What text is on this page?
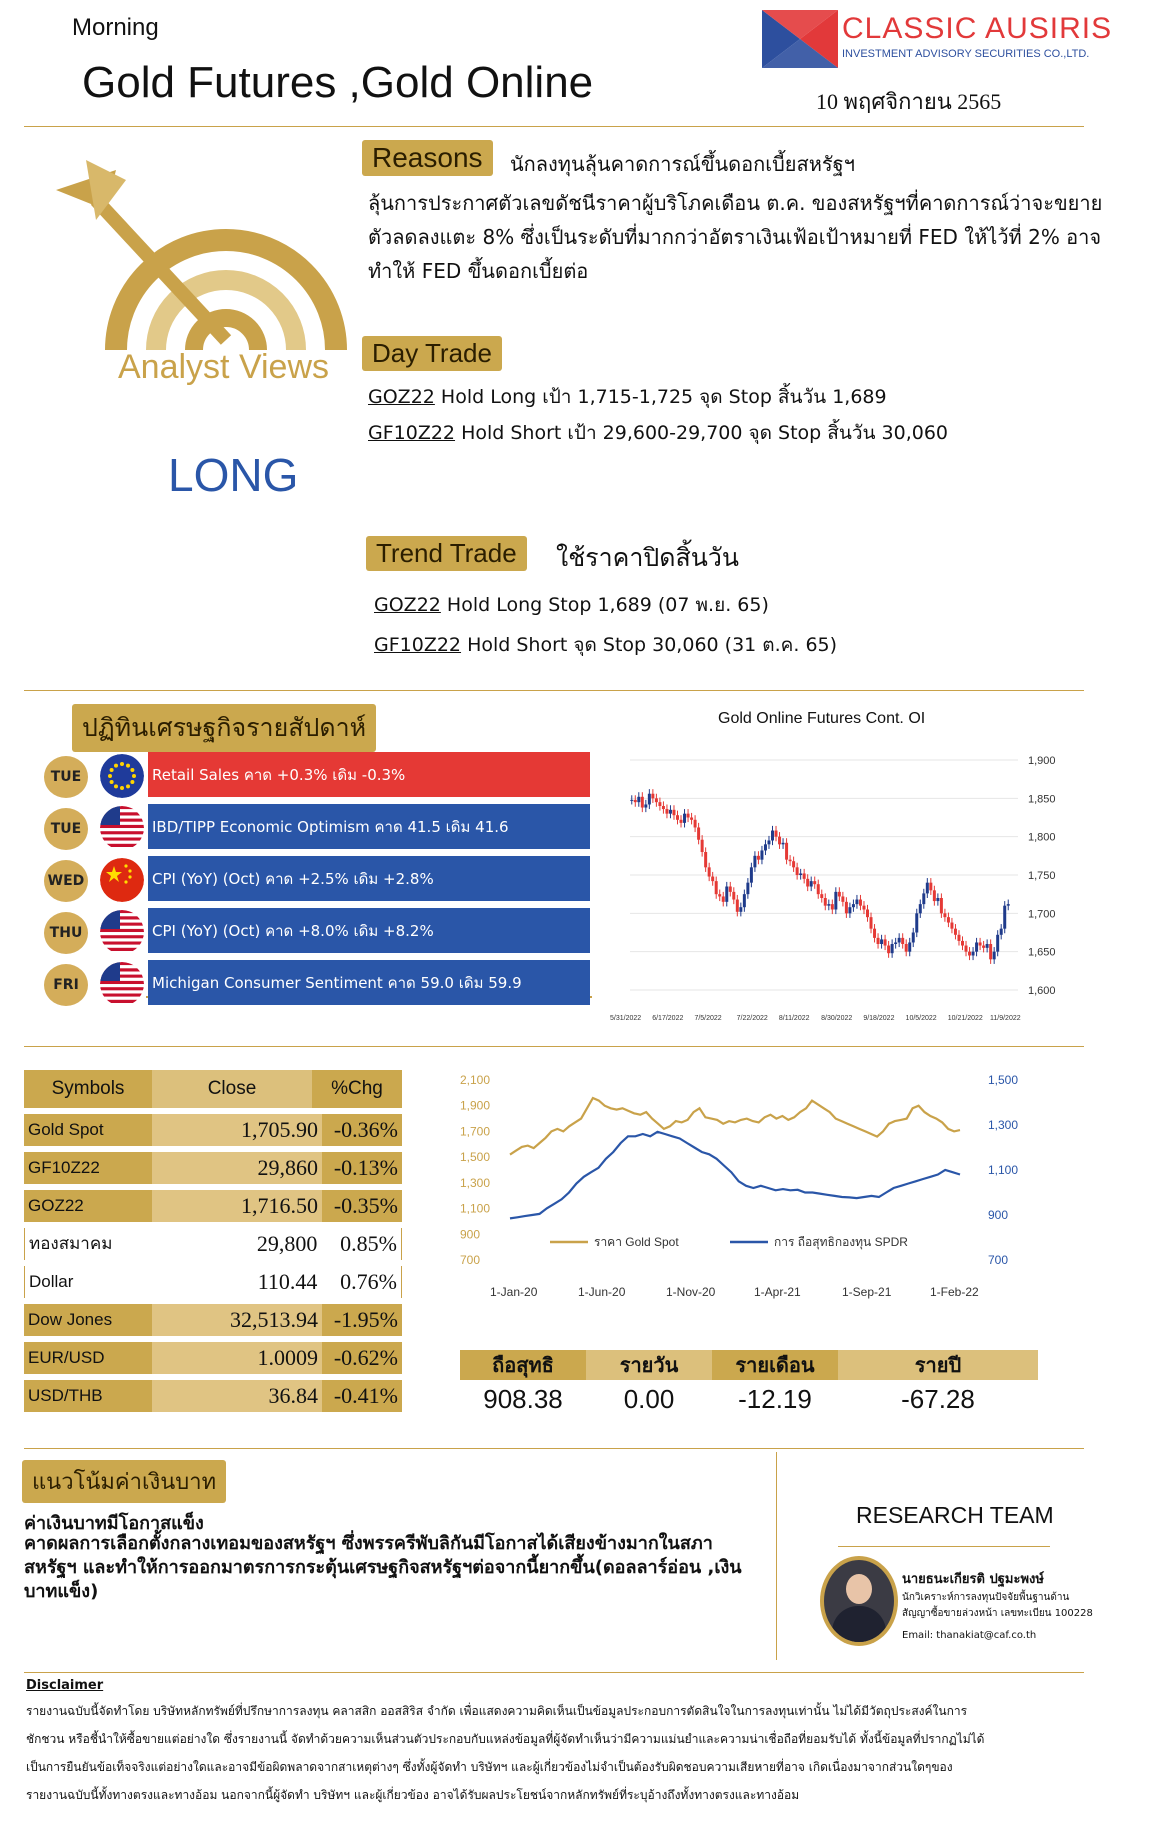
Morning
Gold Futures ,Gold Online	10 พฤศจิกายน 2565
CLASSIC AUSIRIS
INVESTMENT ADVISORY SECURITIES CO.,LTD.
Analyst Views
LONG
Reasons	นักลงทุนลุ้นคาดการณ์ขึ้นดอกเบี้ยสหรัฐฯ
ลุ้นการประกาศตัวเลขดัชนีราคาผู้บริโภคเดือน ต.ค. ของสหรัฐฯที่คาดการณ์ว่าจะขยายตัวลดลงแตะ 8% ซึ่งเป็นระดับที่มากกว่าอัตราเงินเฟ้อเป้าหมายที่ FED ให้ไว้ที่ 2% อาจทำให้ FED ขึ้นดอกเบี้ยต่อ
Day Trade
GOZ22 Hold Long เป้า 1,715-1,725 จุด Stop สิ้นวัน 1,689
GF10Z22 Hold Short เป้า 29,600-29,700 จุด Stop สิ้นวัน 30,060
Trend Trade	ใช้ราคาปิดสิ้นวัน
GOZ22 Hold Long Stop 1,689 (07 พ.ย. 65)
GF10Z22 Hold Short จุด Stop 30,060 (31 ต.ค. 65)
ปฏิทินเศรษฐกิจรายสัปดาห์
TUE	Retail Sales คาด +0.3% เดิม -0.3%
TUE	IBD/TIPP Economic Optimism คาด 41.5 เดิม 41.6
WED	CPI (YoY) (Oct) คาด +2.5% เดิม +2.8%
THU	CPI (YoY) (Oct) คาด +8.0% เดิม +8.2%
FRI	Michigan Consumer Sentiment คาด 59.0 เดิม 59.9
Gold Online Futures Cont. OI
1,600
1,650
1,700
1,750
1,800
1,850
1,900
5/31/2022 6/17/2022 7/5/2022 7/22/2022 8/11/2022 8/30/2022 9/18/2022 10/5/2022 10/21/2022 11/9/2022
Symbols	Close	%Chg
Gold Spot	1,705.90 -0.36%
GF10Z22	29,860 -0.13%
GOZ22	1,716.50 -0.35%
ทองสมาคม	29,800	0.85%
Dollar	110.44	0.76%
Dow Jones	32,513.94 -1.95%
EUR/USD	1.0009 -0.62%
USD/THB	36.84 -0.41%
700
900
1,100
1,300
1,500
1,700
1,900
2,100
700
900
1,100
1,300
1,500
1-Jan-20	1-Jun-20	1-Nov-20	1-Apr-21	1-Sep-21	1-Feb-22
ราคา Gold Spot	การ ถือสุทธิกองทุน SPDR
ถือสุทธิ	รายวัน	รายเดือน	รายปี
908.38	0.00	-12.19	-67.28
แนวโน้มค่าเงินบาท
ค่าเงินบาทมีโอกาสแข็ง
คาดผลการเลือกตั้งกลางเทอมของสหรัฐฯ ซึ่งพรรครีพับลิกันมีโอกาสได้เสียงข้างมากในสภาสหรัฐฯ และทำให้การออกมาตรการกระตุ้นเศรษฐกิจสหรัฐฯต่อจากนี้ยากขึ้น(ดอลลาร์อ่อน ,เงินบาทแข็ง)
RESEARCH TEAM
นายธนะเกียรติ ปฐมะพงษ์
นักวิเคราะห์การลงทุนปัจจัยพื้นฐานด้านสัญญาซื้อขายล่วงหน้า เลขทะเบียน 100228
Email: thanakiat@caf.co.th
Disclaimer
รายงานฉบับนี้จัดทำโดย บริษัทหลักทรัพย์ที่ปรึกษาการลงทุน คลาสสิก ออสสิริส จำกัด เพื่อแสดงความคิดเห็นเป็นข้อมูลประกอบการตัดสินใจในการลงทุนเท่านั้น ไม่ได้มีวัตถุประสงค์ในการ
ชักชวน หรือชี้นำให้ซื้อขายแต่อย่างใด ซึ่งรายงานนี้ จัดทำด้วยความเห็นส่วนตัวประกอบกับแหล่งข้อมูลที่ผู้จัดทำเห็นว่ามีความแม่นยำและความน่าเชื่อถือที่ยอมรับได้ ทั้งนี้ข้อมูลที่ปรากฏไม่ได้
เป็นการยืนยันข้อเท็จจริงแต่อย่างใดและอาจมีข้อผิดพลาดจากสาเหตุต่างๆ ซึ่งทั้งผู้จัดทำ บริษัทฯ และผู้เกี่ยวข้องไม่จำเป็นต้องรับผิดชอบความเสียหายที่อาจ เกิดเนื่องมาจากส่วนใดๆของ
รายงานฉบับนี้ทั้งทางตรงและทางอ้อม นอกจากนี้ผู้จัดทำ บริษัทฯ และผู้เกี่ยวข้อง อาจได้รับผลประโยชน์จากหลักทรัพย์ที่ระบุอ้างถึงทั้งทางตรงและทางอ้อม
